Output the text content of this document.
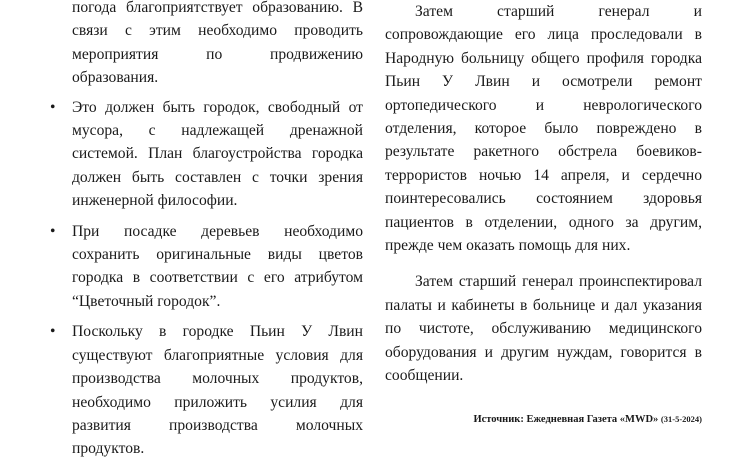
погода благоприятствует образованию. В связи с этим необходимо проводить мероприятия по продвижению образования.

• Это должен быть городок, свободный от мусора, с надлежащей дренажной системой. План благоустройства городка должен быть составлен с точки зрения инженерной философии.
• При посадке деревьев необходимо сохранить оригинальные виды цветов городка в соответствии с его атрибутом “Цветочный городок”.
• Поскольку в городке Пьин У Лвин существуют благоприятные условия для производства молочных продуктов, необходимо приложить усилия для развития производства молочных продуктов.

Затем старший генерал и сопровождающие его лица проследовали в Народную больницу общего профиля городка Пьин У Лвин и осмотрели ремонт ортопедического и неврологического отделения, которое было повреждено в результате ракетного обстрела боевиков-террористов ночью 14 апреля, и сердечно поинтересовались состоянием здоровья пациентов в отделении, одного за другим, прежде чем оказать помощь для них.

Затем старший генерал проинспектировал палаты и кабинеты в больнице и дал указания по чистоте, обслуживанию медицинского оборудования и другим нуждам, говорится в сообщении.

Источник: Ежедневная Газета «MWD» (31-5-2024)
